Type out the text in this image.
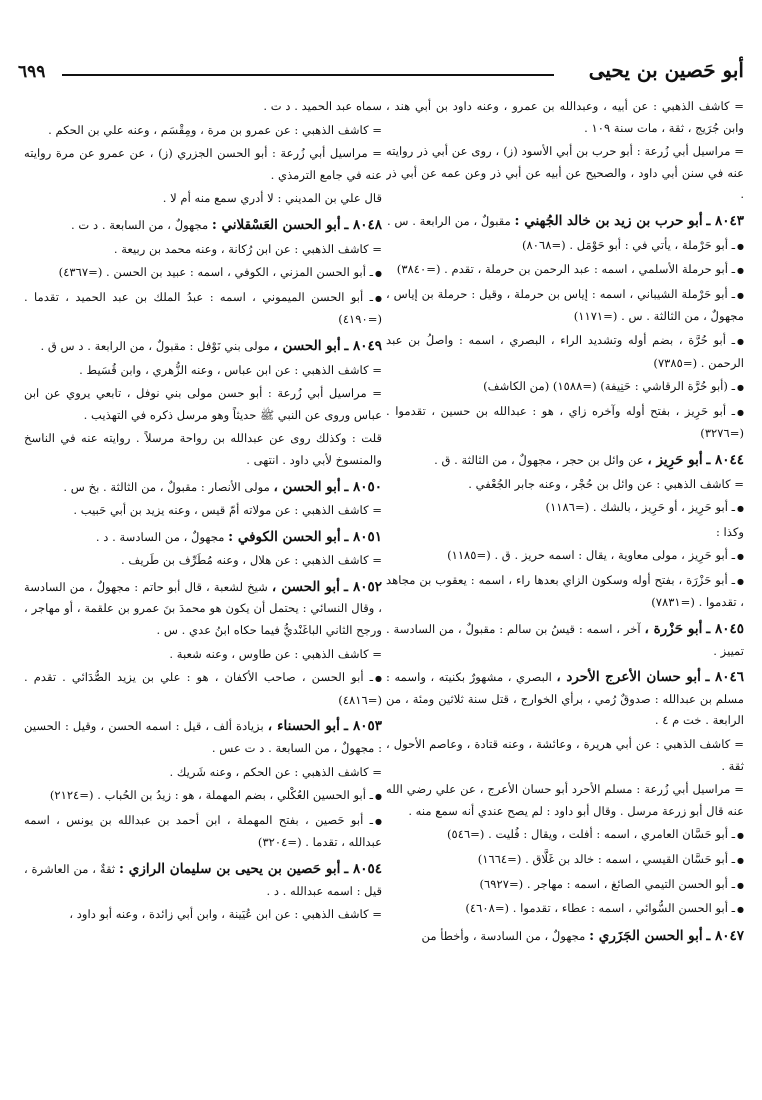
أبو حَصين بن يحيى
٦٩٩

= كاشف الذهبي : عن أبيه ، وعبدالله بن عمرو ، وعنه داود بن أبي هند ، وابن جُرَيج ، ثقة ، مات سنة ١٠٩ .

= مراسيل أبي زُرعة : أبو حرب بن أبي الأسود (ز) ، روى عن أبي ذر روايته عنه في سنن أبي داود ، والصحيح عن أبيه عن أبي ذر وعن عمه عن أبي ذر .

٨٠٤٣ ـ أبو حرب بن زيد بن خالد الجُهني : مقبولٌ ، من الرابعة . س .

●ـ أبو حَرْملة ، يأتي في : أبو حَوْمَل . (=٨٠٦٨)

●ـ أبو حرملة الأسلمي ، اسمه : عبد الرحمن بن حرملة ، تقدم . (=٣٨٤٠)

●ـ أبو حَرْملة الشيباني ، اسمه : إياس بن حرملة ، وقيل : حرملة بن إياس ، مجهولٌ ، من الثالثة . س . (=١١٧١)

●ـ أبو حُرَّة ، بضم أوله وتشديد الراء ، البصري ، اسمه : واصلُ بن عبد الرحمن . (=٧٣٨٥)

●ـ (أبو حُرَّة الرقاشي : حَنِيفة) (=١٥٨٨) (من الكاشف)

●ـ أبو حَرِيز ، بفتح أوله وآخره زاي ، هو : عبدالله بن حسين ، تقدموا . (=٣٢٧٦)

٨٠٤٤ ـ أبو حَرِيز ، عن وائل بن حجر ، مجهولٌ ، من الثالثة . ق .

= كاشف الذهبي : عن وائل بن حُجْر ، وعنه جابر الجُعْفي .

●ـ أبو حَرِيز ، أو حَرِيز ، بالشك . (=١١٨٦)

وكذا :

●ـ أبو حَرِيز ، مولى معاوية ، يقال : اسمه حريز . ق . (=١١٨٥)

●ـ أبو حَزْرَة ، بفتح أوله وسكون الزاي بعدها راء ، اسمه : يعقوب بن مجاهد ، تقدموا . (=٧٨٣١)

٨٠٤٥ ـ أبو حَزْرة ، آخر ، اسمه : قيسُ بن سالم : مقبولٌ ، من السادسة . تمييز .

٨٠٤٦ ـ أبو حسان الأعرج الأحرد ، البصري ، مشهورٌ بكنيته ، واسمه : مسلم بن عبدالله : صدوقٌ رُمي ، برأي الخوارج ، قتل سنة ثلاثين ومئة ، من الرابعة . خت م ٤ .

= كاشف الذهبي : عن أبي هريرة ، وعائشة ، وعنه قتادة ، وعاصم الأحول ، ثقة .

= مراسيل أبي زُرعة : مسلم الأحرد أبو حسان الأعرج ، عن علي رضي الله عنه قال أبو زرعة مرسل . وقال أبو داود : لم يصح عندي أنه سمع منه .

●ـ أبو حَسَّان العامري ، اسمه : أفلت ، ويقال : فُليت . (=٥٤٦)

●ـ أبو حَسَّان القيسي ، اسمه : خالد بن غَلَّاق . (=١٦٦٤)

●ـ أبو الحسن التيمي الصائغ ، اسمه : مهاجر . (=٦٩٢٧)

●ـ أبو الحسن السُّوائي ، اسمه : عطاء ، تقدموا . (=٤٦٠٨)

٨٠٤٧ ـ أبو الحسن الجَزَري : مجهولٌ ، من السادسة ، وأخطأ من

سماه عبد الحميد . د ت .

= كاشف الذهبي : عن عمرو بن مرة ، ومِقْسَم ، وعنه علي بن الحكم .

= مراسيل أبي زُرعة : أبو الحسن الجزري (ز) ، عن عمرو عن مرة روايته عنه في جامع الترمذي .

قال علي بن المديني : لا أدري سمع منه أم لا .

٨٠٤٨ ـ أبو الحسن العَسْقلاني : مجهولٌ ، من السابعة . د ت .

= كاشف الذهبي : عن ابن رُكانة ، وعنه محمد بن ربيعة .

●ـ أبو الحسن المزني ، الكوفي ، اسمه : عبيد بن الحسن . (=٤٣٦٧)

●ـ أبو الحسن الميموني ، اسمه : عبدُ الملك بن عبد الحميد ، تقدما . (=٤١٩٠)

٨٠٤٩ ـ أبو الحسن ، مولى بني نَوْفل : مقبولٌ ، من الرابعة . د س ق .

= كاشف الذهبي : عن ابن عباس ، وعنه الزُّهري ، وابن قُسَيط .

= مراسيل أبي زُرعة : أبو حسن مولى بني نوفل ، تابعي يروي عن ابن عباس وروى عن النبي ﷺ حديثاً وهو مرسل ذكره في التهذيب .

قلت : وكذلك روى عن عبدالله بن رواحة مرسلاً . روايته عنه في الناسخ والمنسوخ لأبي داود . انتهى .

٨٠٥٠ ـ أبو الحسن ، مولى الأنصار : مقبولٌ ، من الثالثة . بخ س .

= كاشف الذهبي : عن مولاته أمّ قيس ، وعنه يزيد بن أبي حَبيب .

٨٠٥١ ـ أبو الحسن الكوفي : مجهولٌ ، من السادسة . د .

= كاشف الذهبي : عن هلال ، وعنه مُطَرِّف بن طَريف .

٨٠٥٢ ـ أبو الحسن ، شيخ لشعبة ، قال أبو حاتم : مجهولٌ ، من السادسة ، وقال النسائي : يحتمل أن يكون هو محمدَ بنَ عمرو بن علقمة ، أو مهاجر ، ورجح الثاني الباغَنْديُّ فيما حكاه ابنُ عدي . س .

= كاشف الذهبي : عن طاوس ، وعنه شعبة .

●ـ أبو الحسن ، صاحب الأكفان ، هو : علي بن يزيد الصُّدَائي . تقدم . (=٤٨١٦)

٨٠٥٣ ـ أبو الحسناء ، بزيادة ألف ، قيل : اسمه الحسن ، وقيل : الحسين : مجهولٌ ، من السابعة . د ت عس .

= كاشف الذهبي : عن الحكم ، وعنه شَريك .

●ـ أبو الحسين العُكْلي ، بضم المهملة ، هو : زيدُ بن الحُباب . (=٢١٢٤)

●ـ أبو حَصين ، بفتح المهملة ، ابن أحمد بن عبدالله بن يونس ، اسمه عبدالله ، تقدما . (=٣٢٠٤)

٨٠٥٤ ـ أبو حَصين بن يحيى بن سليمان الرازي : ثقةٌ ، من العاشرة ، قيل : اسمه عبدالله . د .

= كاشف الذهبي : عن ابن عُيَينة ، وابن أبي زائدة ، وعنه أبو داود ،
